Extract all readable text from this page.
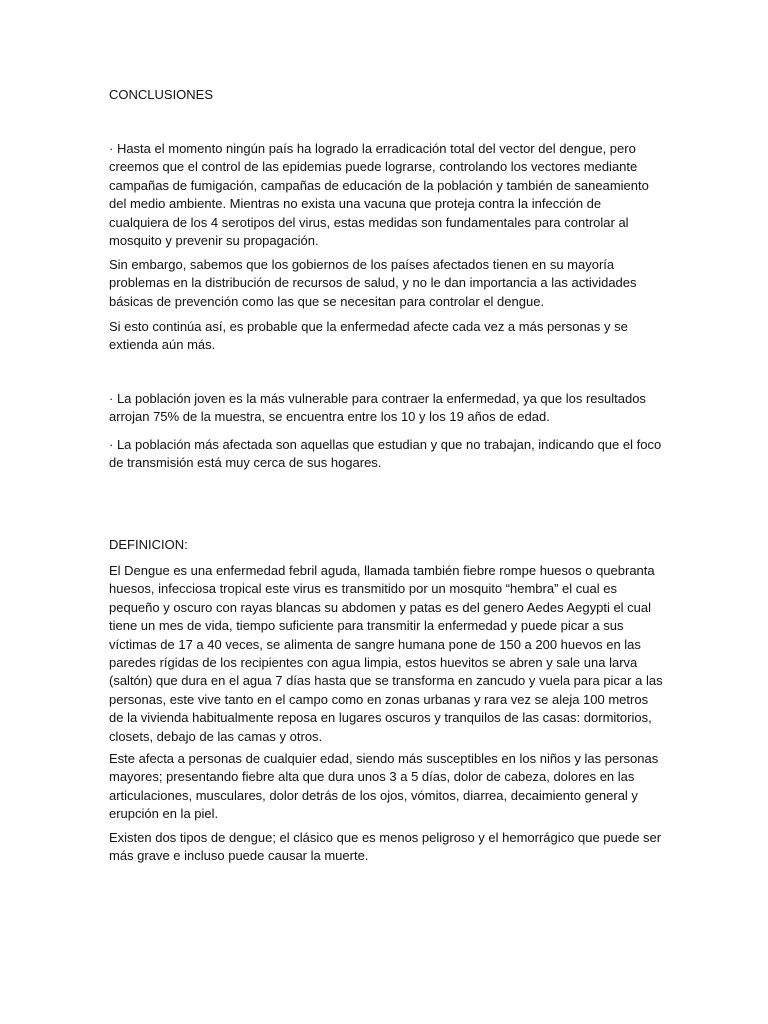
CONCLUSIONES

· Hasta el momento ningún país ha logrado la erradicación total del vector del dengue, pero creemos que el control de las epidemias puede lograrse, controlando los vectores mediante campañas de fumigación, campañas de educación de la población y también de saneamiento del medio ambiente. Mientras no exista una vacuna que proteja contra la infección de cualquiera de los 4 serotipos del virus, estas medidas son fundamentales para controlar al mosquito y prevenir su propagación.

Sin embargo, sabemos que los gobiernos de los países afectados tienen en su mayoría problemas en la distribución de recursos de salud, y no le dan importancia a las actividades básicas de prevención como las que se necesitan para controlar el dengue.

Si esto continúa así, es probable que la enfermedad afecte cada vez a más personas y se extienda aún más.

· La población joven es la más vulnerable para contraer la enfermedad, ya que los resultados arrojan 75% de la muestra, se encuentra entre los 10 y los 19 años de edad.

· La población más afectada son aquellas que estudian y que no trabajan, indicando que el foco de transmisión está muy cerca de sus hogares.

DEFINICION:

El Dengue es una enfermedad febril aguda, llamada también fiebre rompe huesos o quebranta huesos, infecciosa tropical este virus es transmitido por un mosquito “hembra” el cual es pequeño y oscuro con rayas blancas su abdomen y patas es del genero Aedes Aegypti el cual tiene un mes de vida, tiempo suficiente para transmitir la enfermedad y puede picar a sus víctimas de 17 a 40 veces, se alimenta de sangre humana pone de 150 a 200 huevos en las paredes rígidas de los recipientes con agua limpia, estos huevitos se abren y sale una larva (saltón) que dura en el agua 7 días hasta que se transforma en zancudo y vuela para picar a las personas, este vive tanto en el campo como en zonas urbanas y rara vez se aleja 100 metros de la vivienda habitualmente reposa en lugares oscuros y tranquilos de las casas: dormitorios, closets, debajo de las camas y otros.

Este afecta a personas de cualquier edad, siendo más susceptibles en los niños y las personas mayores; presentando fiebre alta que dura unos 3 a 5 días, dolor de cabeza, dolores en las articulaciones, musculares, dolor detrás de los ojos, vómitos, diarrea, decaimiento general y erupción en la piel.

Existen dos tipos de dengue; el clásico que es menos peligroso y el hemorrágico que puede ser más grave e incluso puede causar la muerte.
